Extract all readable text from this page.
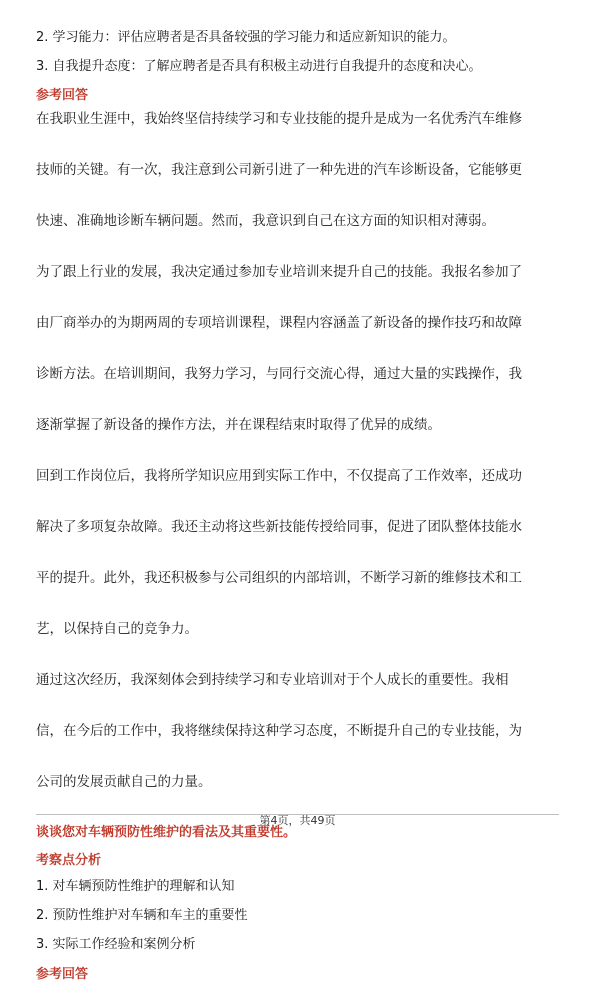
2. 学习能力：评估应聘者是否具备较强的学习能力和适应新知识的能力。

3. 自我提升态度：了解应聘者是否具有积极主动进行自我提升的态度和决心。

参考回答

在我职业生涯中，我始终坚信持续学习和专业技能的提升是成为一名优秀汽车维修
技师的关键。有一次，我注意到公司新引进了一种先进的汽车诊断设备，它能够更
快速、准确地诊断车辆问题。然而，我意识到自己在这方面的知识相对薄弱。
为了跟上行业的发展，我决定通过参加专业培训来提升自己的技能。我报名参加了
由厂商举办的为期两周的专项培训课程，课程内容涵盖了新设备的操作技巧和故障
诊断方法。在培训期间，我努力学习，与同行交流心得，通过大量的实践操作，我
逐渐掌握了新设备的操作方法，并在课程结束时取得了优异的成绩。
回到工作岗位后，我将所学知识应用到实际工作中，不仅提高了工作效率，还成功
解决了多项复杂故障。我还主动将这些新技能传授给同事，促进了团队整体技能水
平的提升。此外，我还积极参与公司组织的内部培训，不断学习新的维修技术和工
艺，以保持自己的竞争力。
通过这次经历，我深刻体会到持续学习和专业培训对于个人成长的重要性。我相
信，在今后的工作中，我将继续保持这种学习态度，不断提升自己的专业技能，为
公司的发展贡献自己的力量。

谈谈您对车辆预防性维护的看法及其重要性。

考察点分析

1. 对车辆预防性维护的理解和认知

2. 预防性维护对车辆和车主的重要性

3. 实际工作经验和案例分析

参考回答

第4页，共49页
